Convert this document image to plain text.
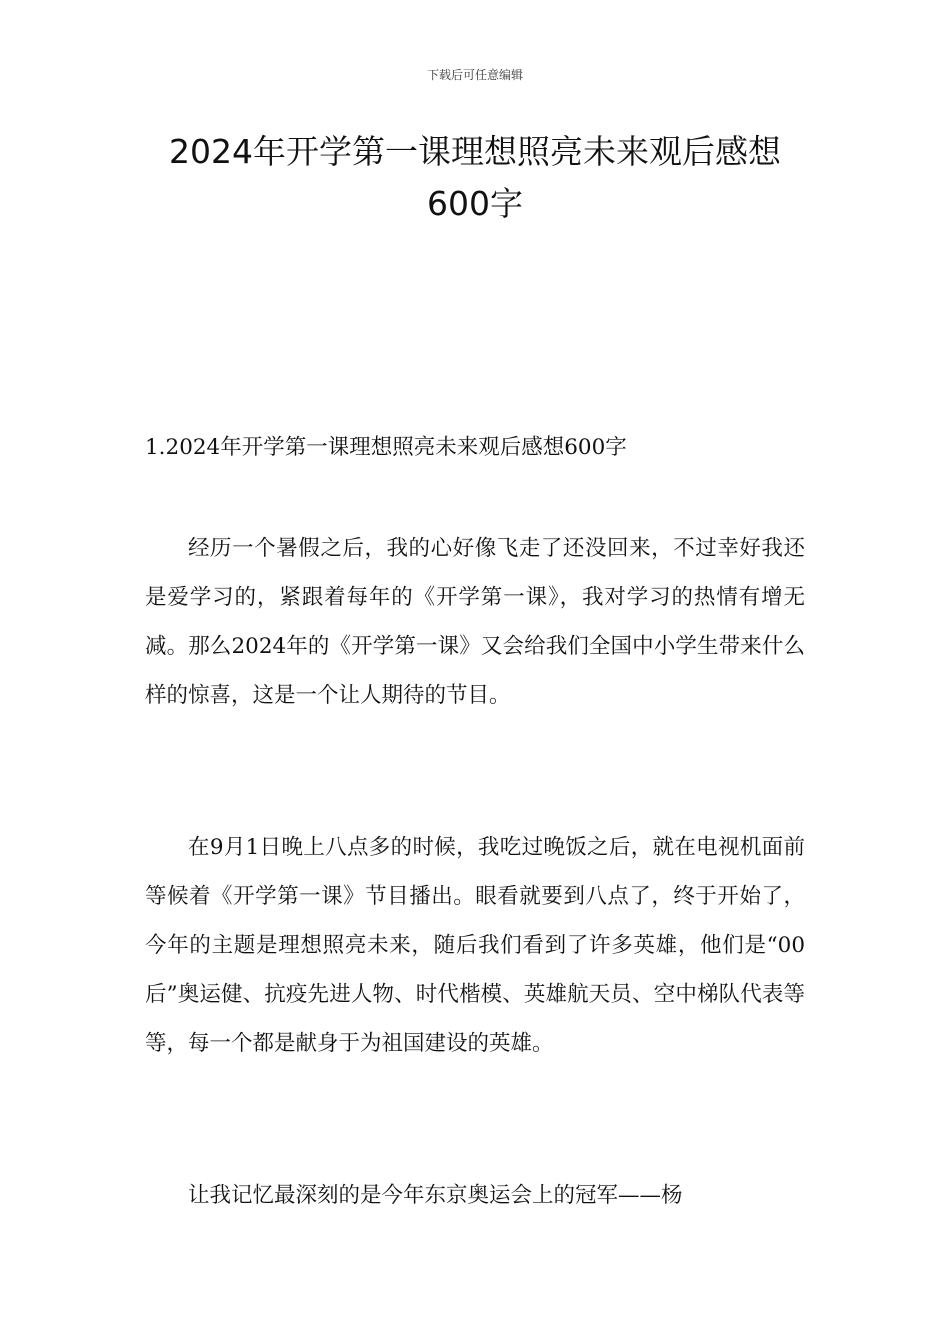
下载后可任意编辑
2024年开学第一课理想照亮未来观后感想600字

1.2024年开学第一课理想照亮未来观后感想600字

经历一个暑假之后，我的心好像飞走了还没回来，不过幸好我还是爱学习的，紧跟着每年的《开学第一课》，我对学习的热情有增无减。那么2024年的《开学第一课》又会给我们全国中小学生带来什么样的惊喜，这是一个让人期待的节目。

在9月1日晚上八点多的时候，我吃过晚饭之后，就在电视机面前等候着《开学第一课》节目播出。眼看就要到八点了，终于开始了，今年的主题是理想照亮未来，随后我们看到了许多英雄，他们是“00后”奥运健、抗疫先进人物、时代楷模、英雄航天员、空中梯队代表等等，每一个都是献身于为祖国建设的英雄。

让我记忆最深刻的是今年东京奥运会上的冠军——杨
